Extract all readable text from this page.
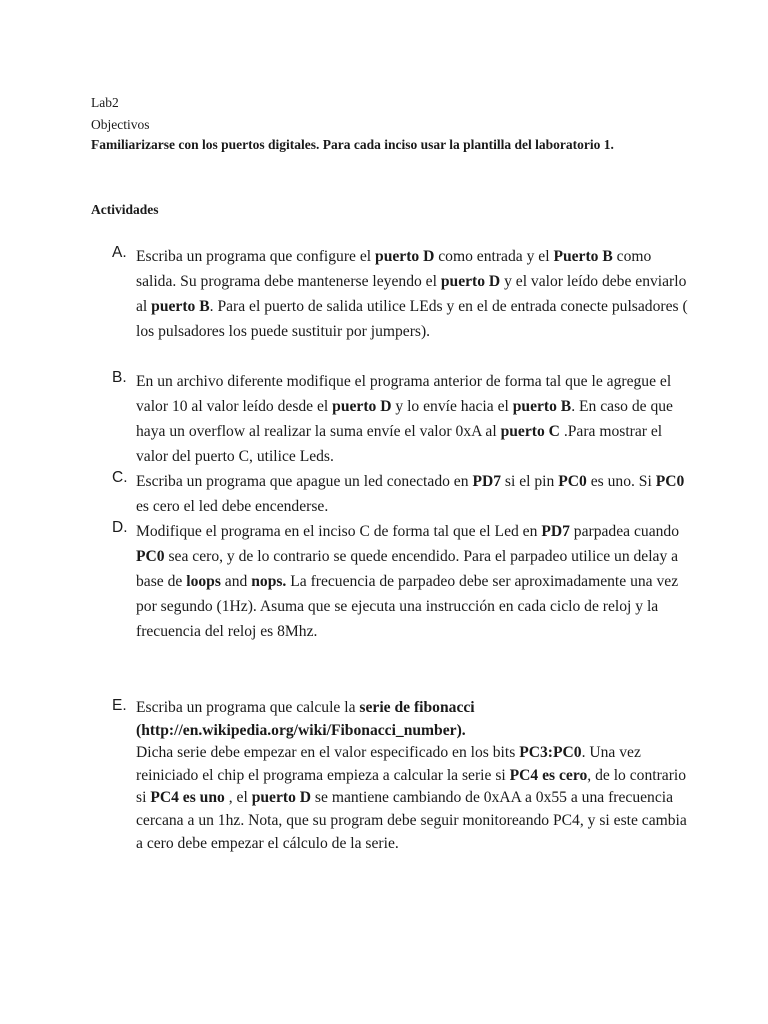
Lab2
Objectivos
Familiarizarse con los puertos digitales. Para cada inciso usar la plantilla del laboratorio 1.
Actividades
A. Escriba un programa que configure el puerto D como entrada y el Puerto B como salida. Su programa debe mantenerse leyendo el puerto D y el valor leído debe enviarlo al puerto B. Para el puerto de salida utilice LEds y en el de entrada conecte pulsadores ( los pulsadores los puede sustituir por jumpers).
B. En un archivo diferente modifique el programa anterior de forma tal que le agregue el valor 10 al valor leído desde el puerto D y lo envíe hacia el puerto B. En caso de que haya un overflow al realizar la suma envíe el valor 0xA al puerto C .Para mostrar el valor del puerto C, utilice Leds.
C. Escriba un programa que apague un led conectado en PD7 si el pin PC0 es uno. Si PC0 es cero el led debe encenderse.
D. Modifique el programa en el inciso C de forma tal que el Led en PD7 parpadea cuando PC0 sea cero, y de lo contrario se quede encendido. Para el parpadeo utilice un delay a base de loops and nops. La frecuencia de parpadeo debe ser aproximadamente una vez por segundo (1Hz). Asuma que se ejecuta una instrucción en cada ciclo de reloj y la frecuencia del reloj es 8Mhz.
E. Escriba un programa que calcule la serie de fibonacci (http://en.wikipedia.org/wiki/Fibonacci_number).
Dicha serie debe empezar en el valor especificado en los bits PC3:PC0. Una vez reiniciado el chip el programa empieza a calcular la serie si PC4 es cero, de lo contrario si PC4 es uno , el puerto D se mantiene cambiando de 0xAA a 0x55 a una frecuencia cercana a un 1hz. Nota, que su program debe seguir monitoreando PC4, y si este cambia a cero debe empezar el cálculo de la serie.
